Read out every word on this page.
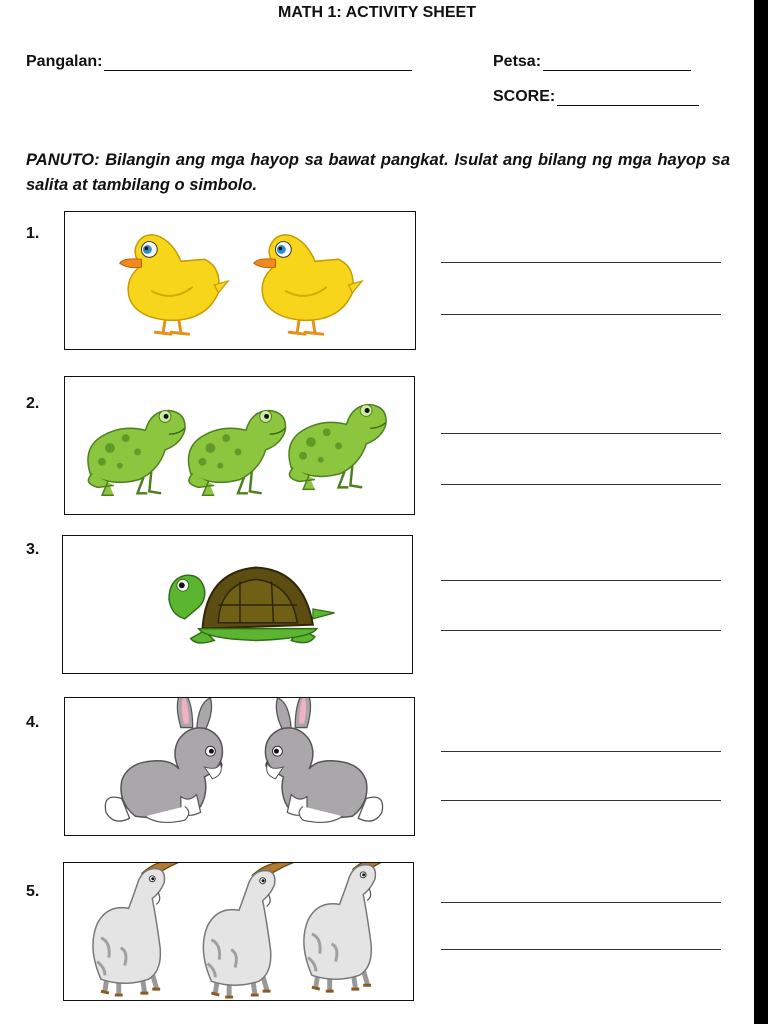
MATH 1: ACTIVITY SHEET
Pangalan:	Petsa:
SCORE:
PANUTO: Bilangin ang mga hayop sa bawat pangkat. Isulat ang bilang ng mga hayop sa salita at tambilang o simbolo.
1.
2.
3.
4.
5.
